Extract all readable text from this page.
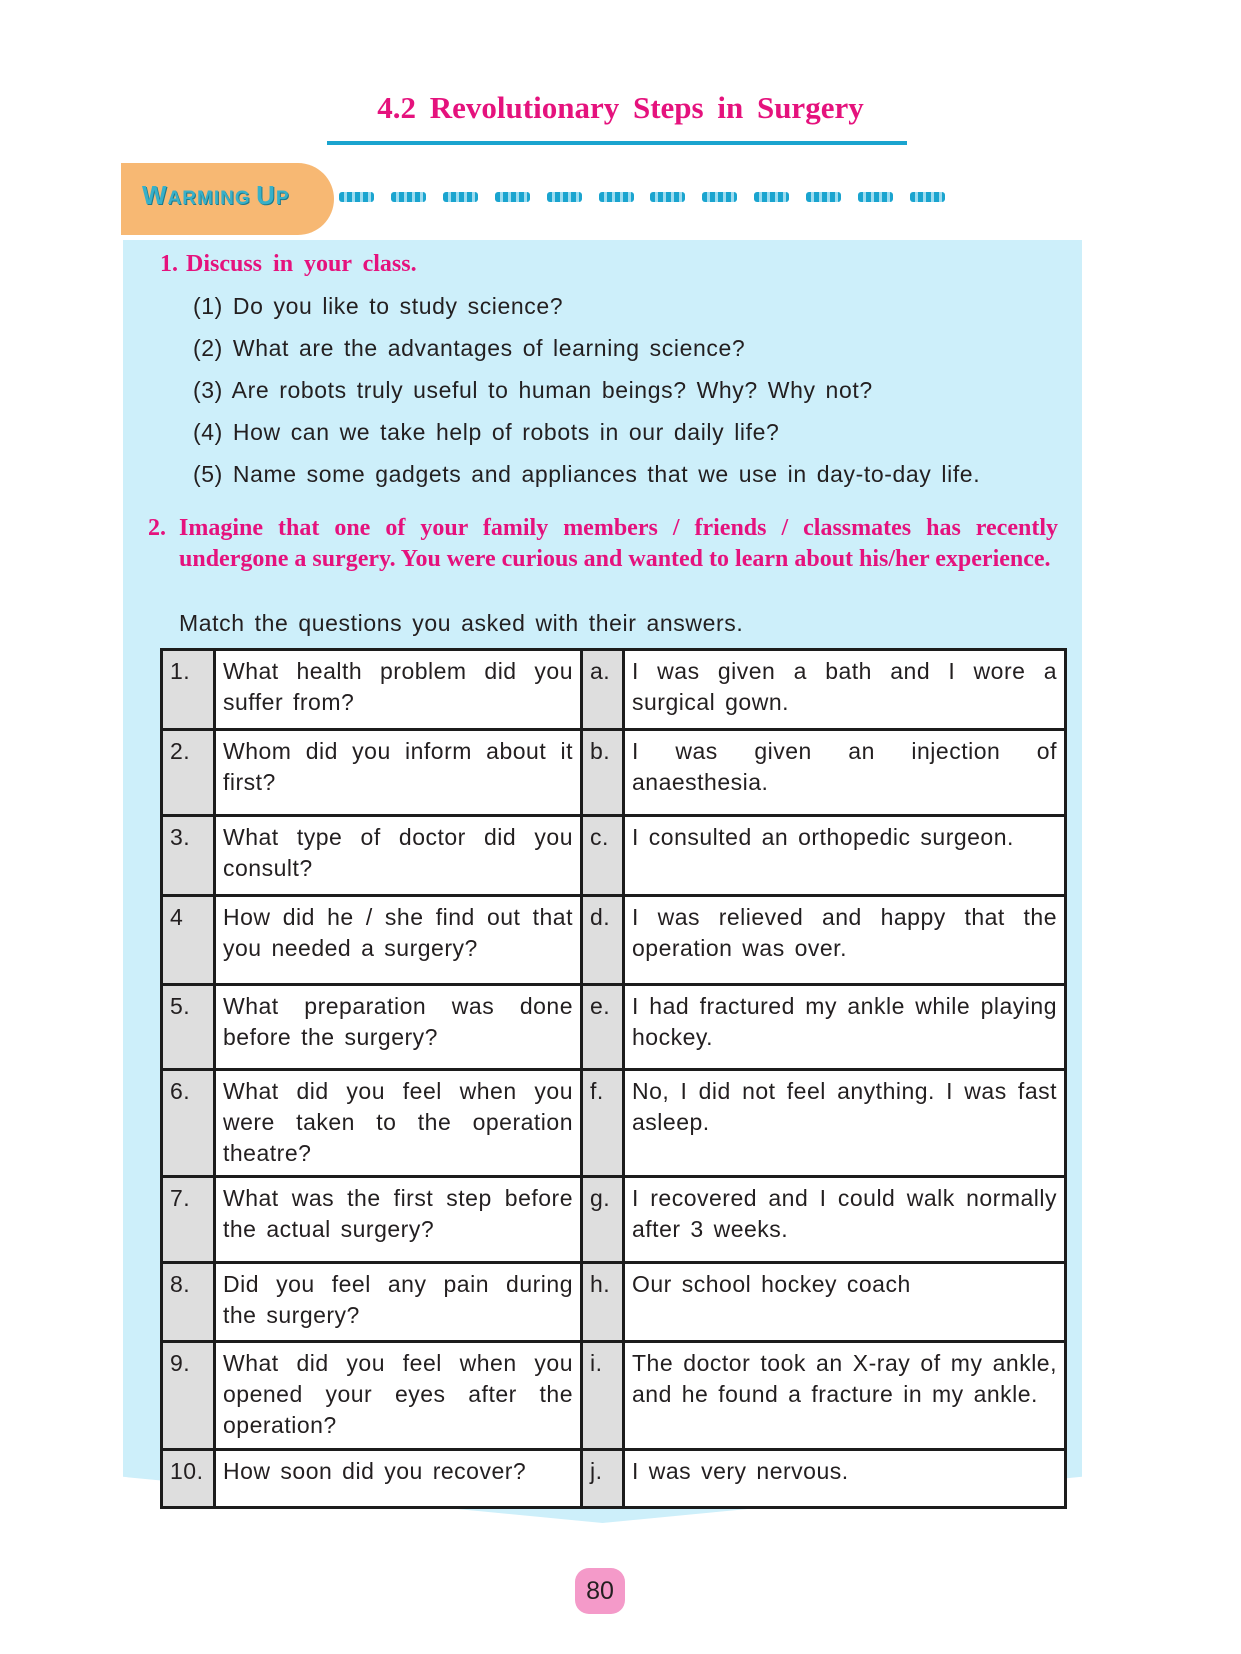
4.2 Revolutionary Steps in Surgery
WARMING UP
1. Discuss in your class.
(1) Do you like to study science?
(2) What are the advantages of learning science?
(3) Are robots truly useful to human beings? Why? Why not?
(4) How can we take help of robots in our daily life?
(5) Name some gadgets and appliances that we use in day-to-day life.
2. Imagine that one of your family members / friends / classmates has recently undergone a surgery. You were curious and wanted to learn about his/her experience.
Match the questions you asked with their answers.
1.	What health problem did you suffer from?	a.	I was given a bath and I wore a surgical gown.
2.	Whom did you inform about it first?	b.	I was given an injection of anaesthesia.
3.	What type of doctor did you consult?	c.	I consulted an orthopedic surgeon.
4	How did he / she find out that you needed a surgery?	d.	I was relieved and happy that the operation was over.
5.	What preparation was done before the surgery?	e.	I had fractured my ankle while playing hockey.
6.	What did you feel when you were taken to the operation theatre?	f.	No, I did not feel anything. I was fast asleep.
7.	What was the first step before the actual surgery?	g.	I recovered and I could walk normally after 3 weeks.
8.	Did you feel any pain during the surgery?	h.	Our school hockey coach
9.	What did you feel when you opened your eyes after the operation?	i.	The doctor took an X-ray of my ankle, and he found a fracture in my ankle.
10.	How soon did you recover?	j.	I was very nervous.
80
